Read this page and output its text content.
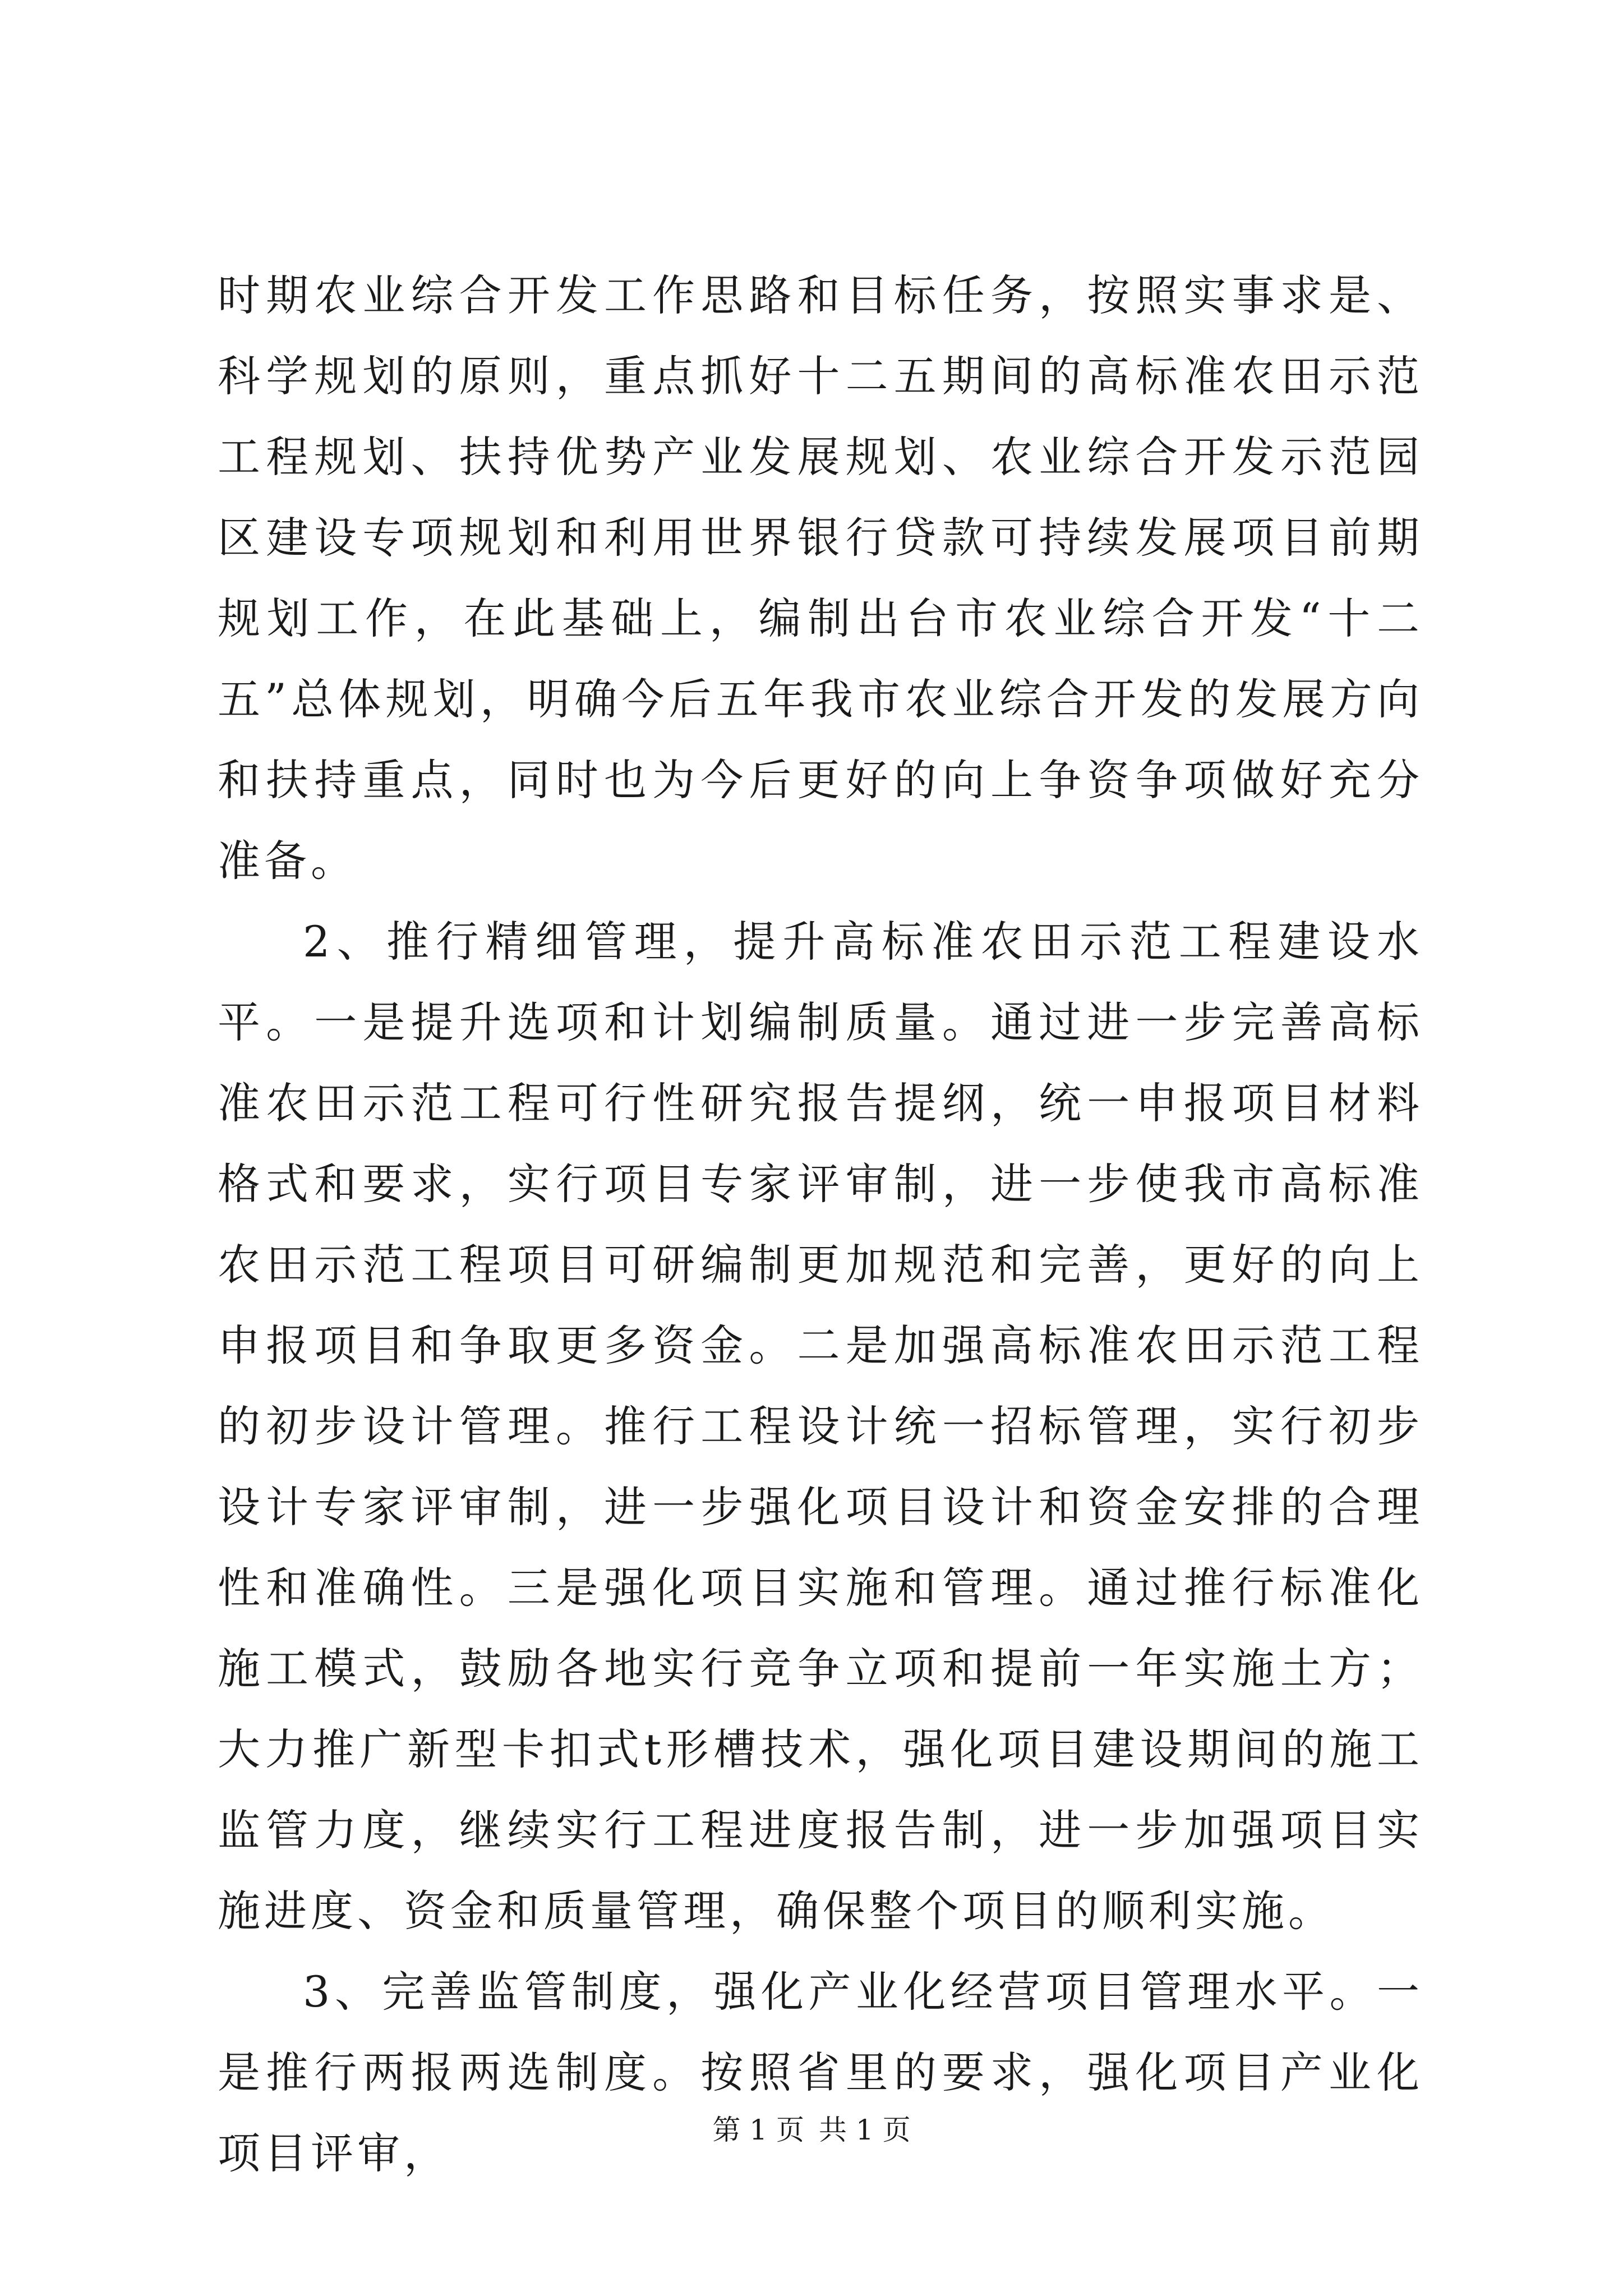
时期农业综合开发工作思路和目标任务，按照实事求是、科学规划的原则，重点抓好十二五期间的高标准农田示范工程规划、扶持优势产业发展规划、农业综合开发示范园区建设专项规划和利用世界银行贷款可持续发展项目前期规划工作，在此基础上，编制出台市农业综合开发“十二五”总体规划，明确今后五年我市农业综合开发的发展方向和扶持重点，同时也为今后更好的向上争资争项做好充分准备。

2、推行精细管理，提升高标准农田示范工程建设水平。一是提升选项和计划编制质量。通过进一步完善高标准农田示范工程可行性研究报告提纲，统一申报项目材料格式和要求，实行项目专家评审制，进一步使我市高标准农田示范工程项目可研编制更加规范和完善，更好的向上申报项目和争取更多资金。二是加强高标准农田示范工程的初步设计管理。推行工程设计统一招标管理，实行初步设计专家评审制，进一步强化项目设计和资金安排的合理性和准确性。三是强化项目实施和管理。通过推行标准化施工模式，鼓励各地实行竞争立项和提前一年实施土方；大力推广新型卡扣式t形槽技术，强化项目建设期间的施工监管力度，继续实行工程进度报告制，进一步加强项目实施进度、资金和质量管理，确保整个项目的顺利实施。

3、完善监管制度，强化产业化经营项目管理水平。一是推行两报两选制度。按照省里的要求，强化项目产业化项目评审，	第 1 页 共 1 页
